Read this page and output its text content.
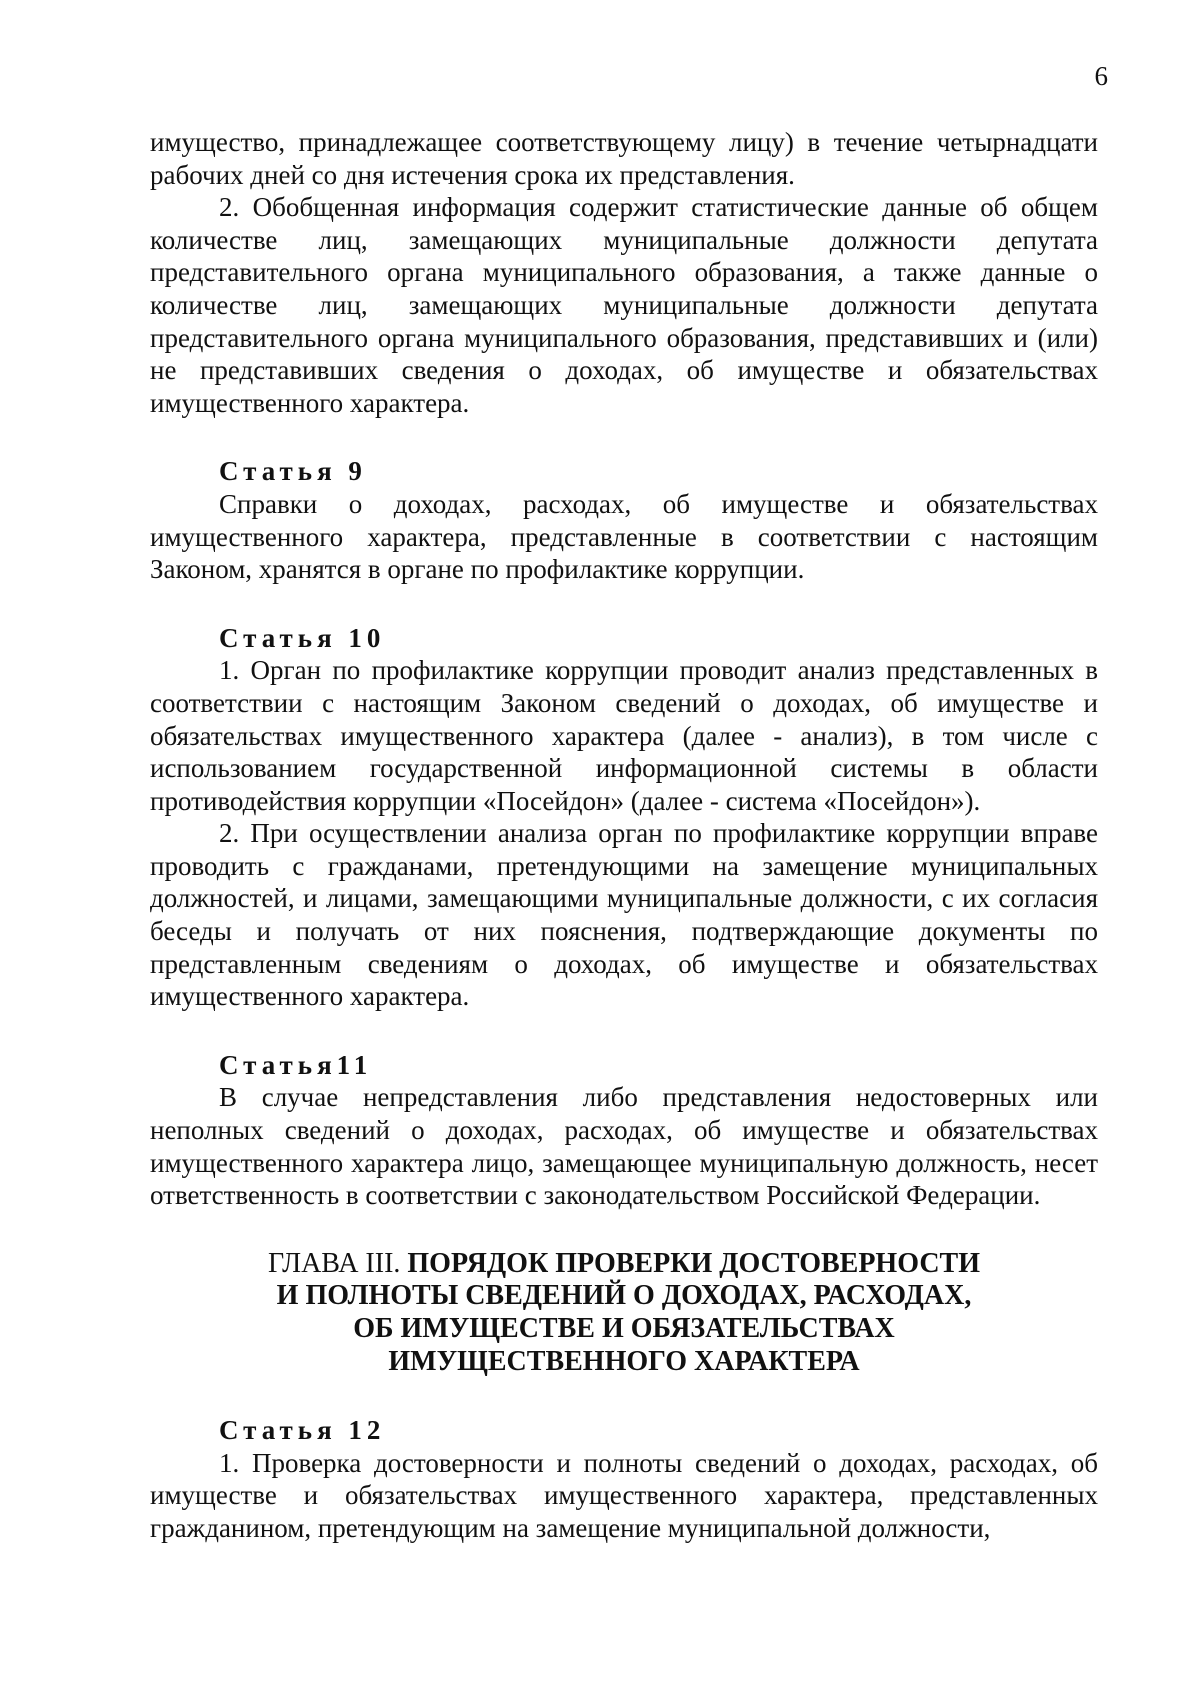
6

имущество, принадлежащее соответствующему лицу) в течение четырнадцати рабочих дней со дня истечения срока их представления.

2. Обобщенная информация содержит статистические данные об общем количестве лиц, замещающих муниципальные должности депутата представительного органа муниципального образования, а также данные о количестве лиц, замещающих муниципальные должности депутата представительного органа муниципального образования, представивших и (или) не представивших сведения о доходах, об имуществе и обязательствах имущественного характера.

Статья 9

Справки о доходах, расходах, об имуществе и обязательствах имущественного характера, представленные в соответствии с настоящим Законом, хранятся в органе по профилактике коррупции.

Статья 10

1. Орган по профилактике коррупции проводит анализ представленных в соответствии с настоящим Законом сведений о доходах, об имуществе и обязательствах имущественного характера (далее - анализ), в том числе с использованием государственной информационной системы в области противодействия коррупции «Посейдон» (далее - система «Посейдон»).

2. При осуществлении анализа орган по профилактике коррупции вправе проводить с гражданами, претендующими на замещение муниципальных должностей, и лицами, замещающими муниципальные должности, с их согласия беседы и получать от них пояснения, подтверждающие документы по представленным сведениям о доходах, об имуществе и обязательствах имущественного характера.

Статья11

В случае непредставления либо представления недостоверных или неполных сведений о доходах, расходах, об имуществе и обязательствах имущественного характера лицо, замещающее муниципальную должность, несет ответственность в соответствии с законодательством Российской Федерации.

ГЛАВА III. ПОРЯДОК ПРОВЕРКИ ДОСТОВЕРНОСТИ
И ПОЛНОТЫ СВЕДЕНИЙ О ДОХОДАХ, РАСХОДАХ,
ОБ ИМУЩЕСТВЕ И ОБЯЗАТЕЛЬСТВАХ
ИМУЩЕСТВЕННОГО ХАРАКТЕРА
Статья 12

1. Проверка достоверности и полноты сведений о доходах, расходах, об имуществе и обязательствах имущественного характера, представленных гражданином, претендующим на замещение муниципальной должности,
